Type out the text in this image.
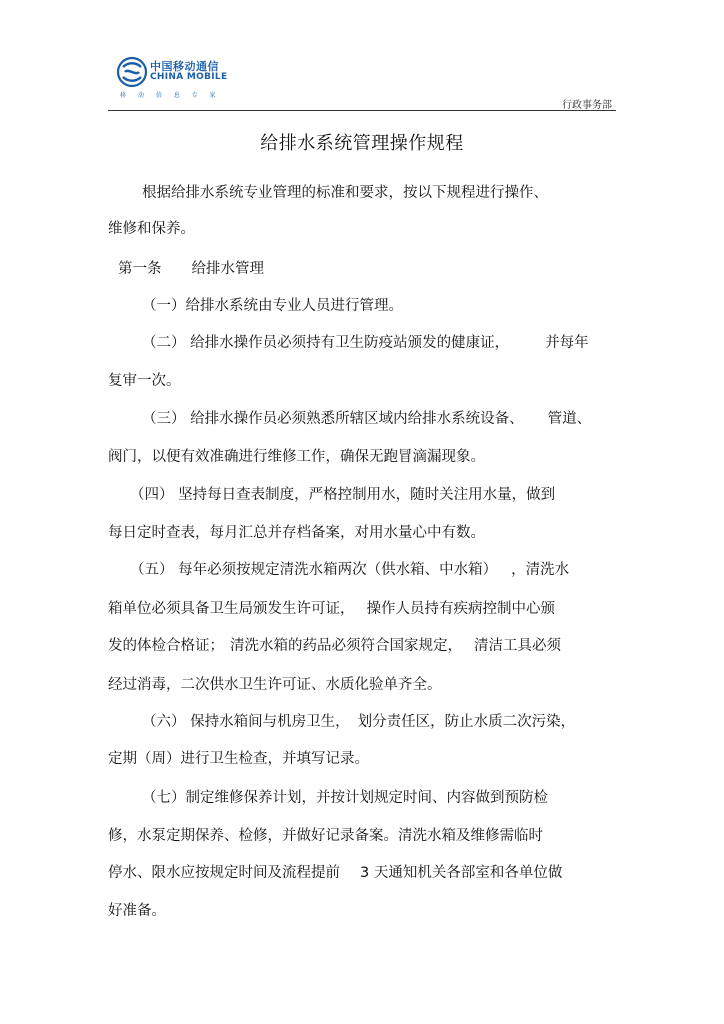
中国移动通信
CHINA MOBILE
移 动 信 息 专 家
行政事务部
给排水系统管理操作规程
根据给排水系统专业管理的标准和要求，按以下规程进行操作、
维修和保养。
第一条 给排水管理
（一）给排水系统由专业人员进行管理。
（二） 给排水操作员必须持有卫生防疫站颁发的健康证， 并每年
复审一次。
（三） 给排水操作员必须熟悉所辖区域内给排水系统设备、 管道、
阀门，以便有效准确进行维修工作，确保无跑冒滴漏现象。
（四） 坚持每日查表制度，严格控制用水，随时关注用水量，做到
每日定时查表，每月汇总并存档备案，对用水量心中有数。
（五） 每年必须按规定清洗水箱两次（供水箱、中水箱） ，清洗水
箱单位必须具备卫生局颁发生许可证， 操作人员持有疾病控制中心颁
发的体检合格证； 清洗水箱的药品必须符合国家规定， 清洁工具必须
经过消毒，二次供水卫生许可证、水质化验单齐全。
（六） 保持水箱间与机房卫生， 划分责任区，防止水质二次污染，
定期（周）进行卫生检查，并填写记录。
（七）制定维修保养计划，并按计划规定时间、内容做到预防检
修，水泵定期保养、检修，并做好记录备案。清洗水箱及维修需临时
停水、限水应按规定时间及流程提前 3 天通知机关各部室和各单位做
好准备。
